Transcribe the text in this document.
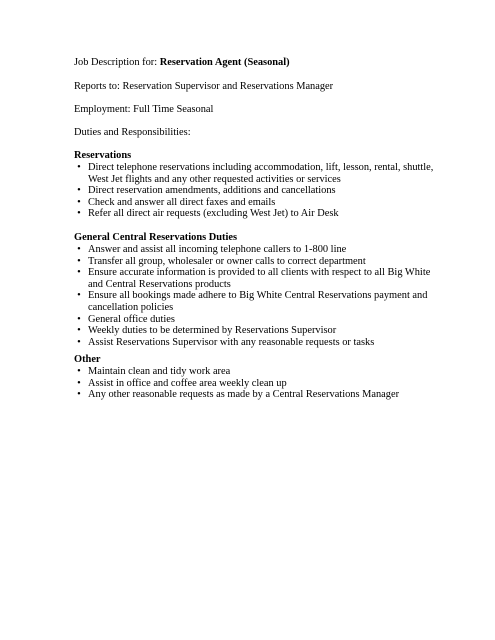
Job Description for: Reservation Agent (Seasonal)
Reports to: Reservation Supervisor and Reservations Manager
Employment: Full Time Seasonal
Duties and Responsibilities:
Reservations
• Direct telephone reservations including accommodation, lift, lesson, rental, shuttle, West Jet flights and any other requested activities or services
• Direct reservation amendments, additions and cancellations
• Check and answer all direct faxes and emails
• Refer all direct air requests (excluding West Jet) to Air Desk
General Central Reservations Duties
• Answer and assist all incoming telephone callers to 1-800 line
• Transfer all group, wholesaler or owner calls to correct department
• Ensure accurate information is provided to all clients with respect to all Big White and Central Reservations products
• Ensure all bookings made adhere to Big White Central Reservations payment and cancellation policies
• General office duties
• Weekly duties to be determined by Reservations Supervisor
• Assist Reservations Supervisor with any reasonable requests or tasks
Other
• Maintain clean and tidy work area
• Assist in office and coffee area weekly clean up
• Any other reasonable requests as made by a Central Reservations Manager
